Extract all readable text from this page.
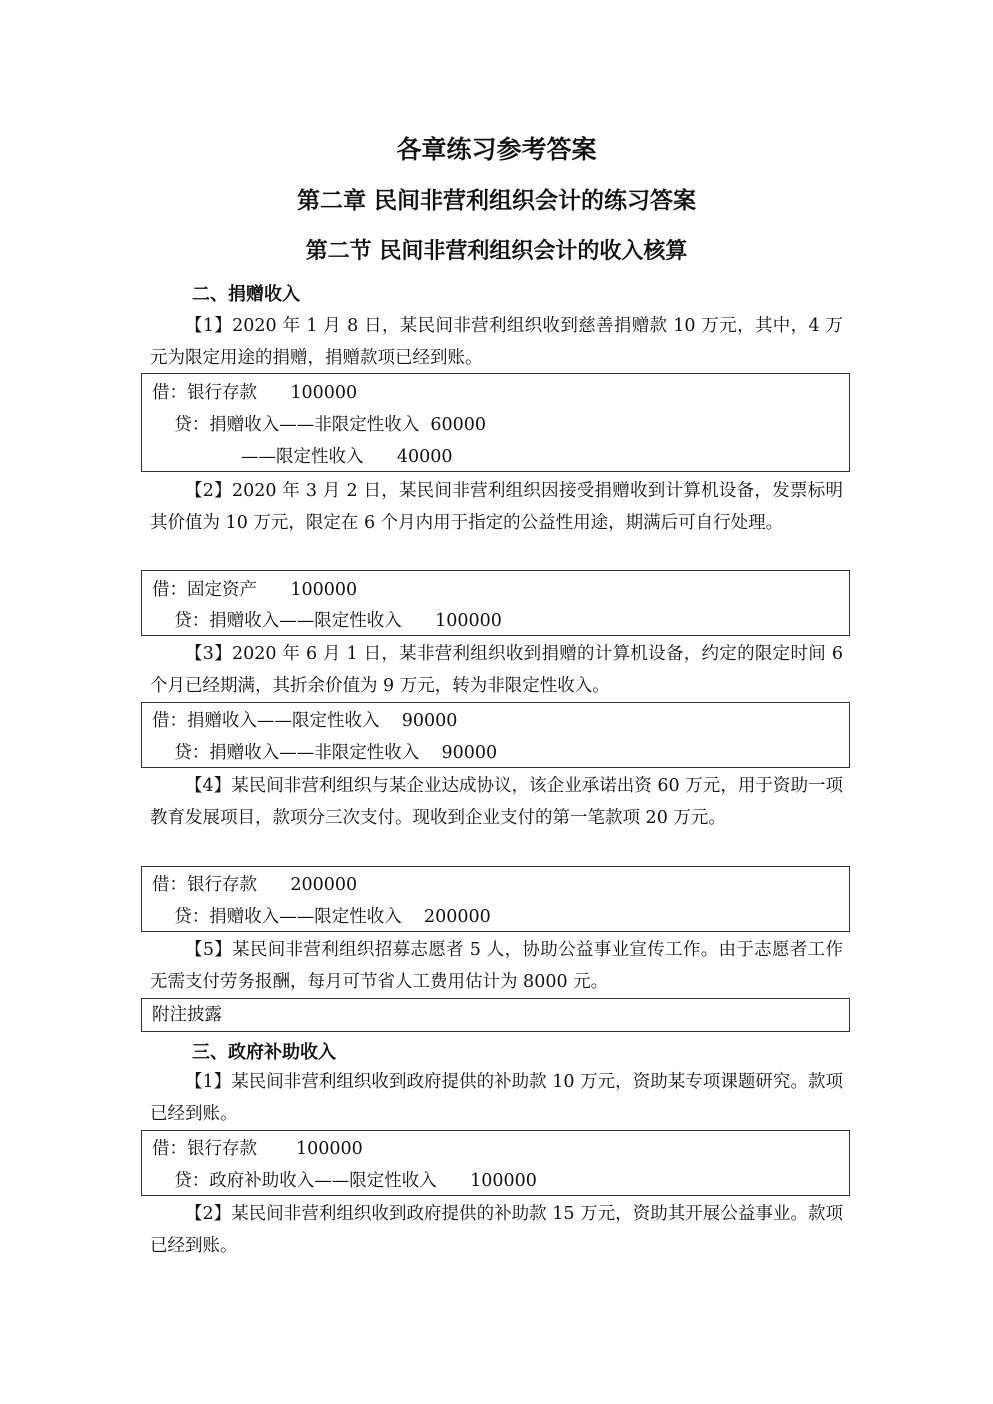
各章练习参考答案
第二章 民间非营利组织会计的练习答案
第二节 民间非营利组织会计的收入核算
二、捐赠收入
【1】2020 年 1 月 8 日，某民间非营利组织收到慈善捐赠款 10 万元，其中，4 万元为限定用途的捐赠，捐赠款项已经到账。
借：银行存款      100000
贷：捐赠收入——非限定性收入  60000
——限定性收入      40000
【2】2020 年 3 月 2 日，某民间非营利组织因接受捐赠收到计算机设备，发票标明其价值为 10 万元，限定在 6 个月内用于指定的公益性用途，期满后可自行处理。
借：固定资产      100000
贷：捐赠收入——限定性收入      100000
【3】2020 年 6 月 1 日，某非营利组织收到捐赠的计算机设备，约定的限定时间 6 个月已经期满，其折余价值为 9 万元，转为非限定性收入。
借：捐赠收入——限定性收入    90000
贷：捐赠收入——非限定性收入    90000
【4】某民间非营利组织与某企业达成协议，该企业承诺出资 60 万元，用于资助一项教育发展项目，款项分三次支付。现收到企业支付的第一笔款项 20 万元。
借：银行存款      200000
贷：捐赠收入——限定性收入    200000
【5】某民间非营利组织招募志愿者 5 人，协助公益事业宣传工作。由于志愿者工作无需支付劳务报酬，每月可节省人工费用估计为 8000 元。
附注披露
三、政府补助收入
【1】某民间非营利组织收到政府提供的补助款 10 万元，资助某专项课题研究。款项已经到账。
借：银行存款       100000
贷：政府补助收入——限定性收入      100000
【2】某民间非营利组织收到政府提供的补助款 15 万元，资助其开展公益事业。款项已经到账。
